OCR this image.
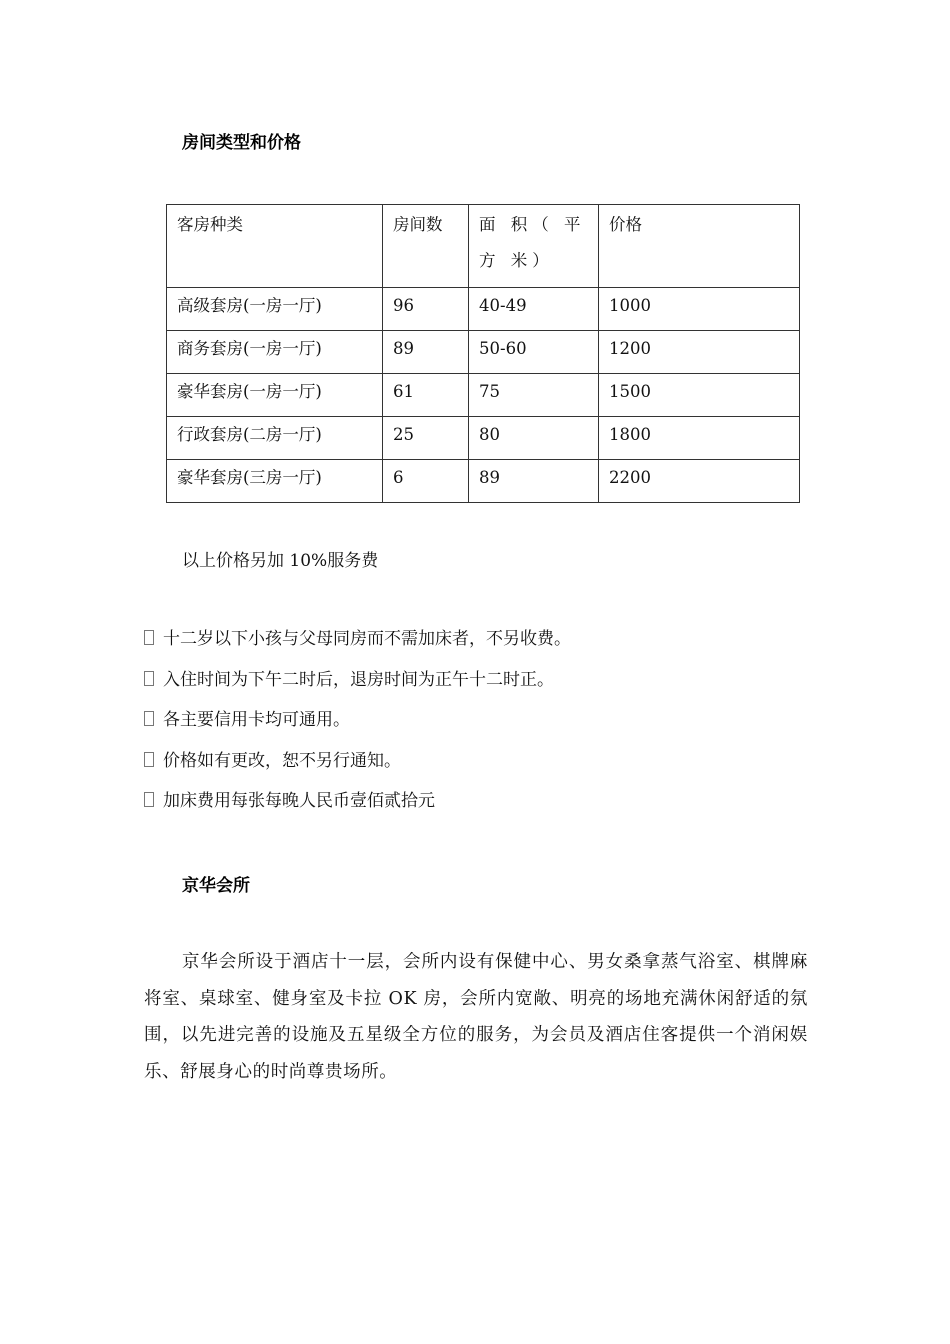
房间类型和价格
客房种类	房间数	面 积（ 平 方 米）	价格
高级套房(一房一厅)	96	40-49	1000
商务套房(一房一厅)	89	50-60	1200
豪华套房(一房一厅)	61	75	1500
行政套房(二房一厅)	25	80	1800
豪华套房(三房一厅)	6	89	2200

以上价格另加 10%服务费

十二岁以下小孩与父母同房而不需加床者，不另收费。
入住时间为下午二时后，退房时间为正午十二时正。
各主要信用卡均可通用。
价格如有更改，恕不另行通知。
加床费用每张每晚人民币壹佰贰拾元
京华会所

京华会所设于酒店十一层，会所内设有保健中心、男女桑拿蒸气浴室、棋牌麻将室、桌球室、健身室及卡拉 OK 房，会所内宽敞、明亮的场地充满休闲舒适的氛围，以先进完善的设施及五星级全方位的服务，为会员及酒店住客提供一个消闲娱乐、舒展身心的时尚尊贵场所。
